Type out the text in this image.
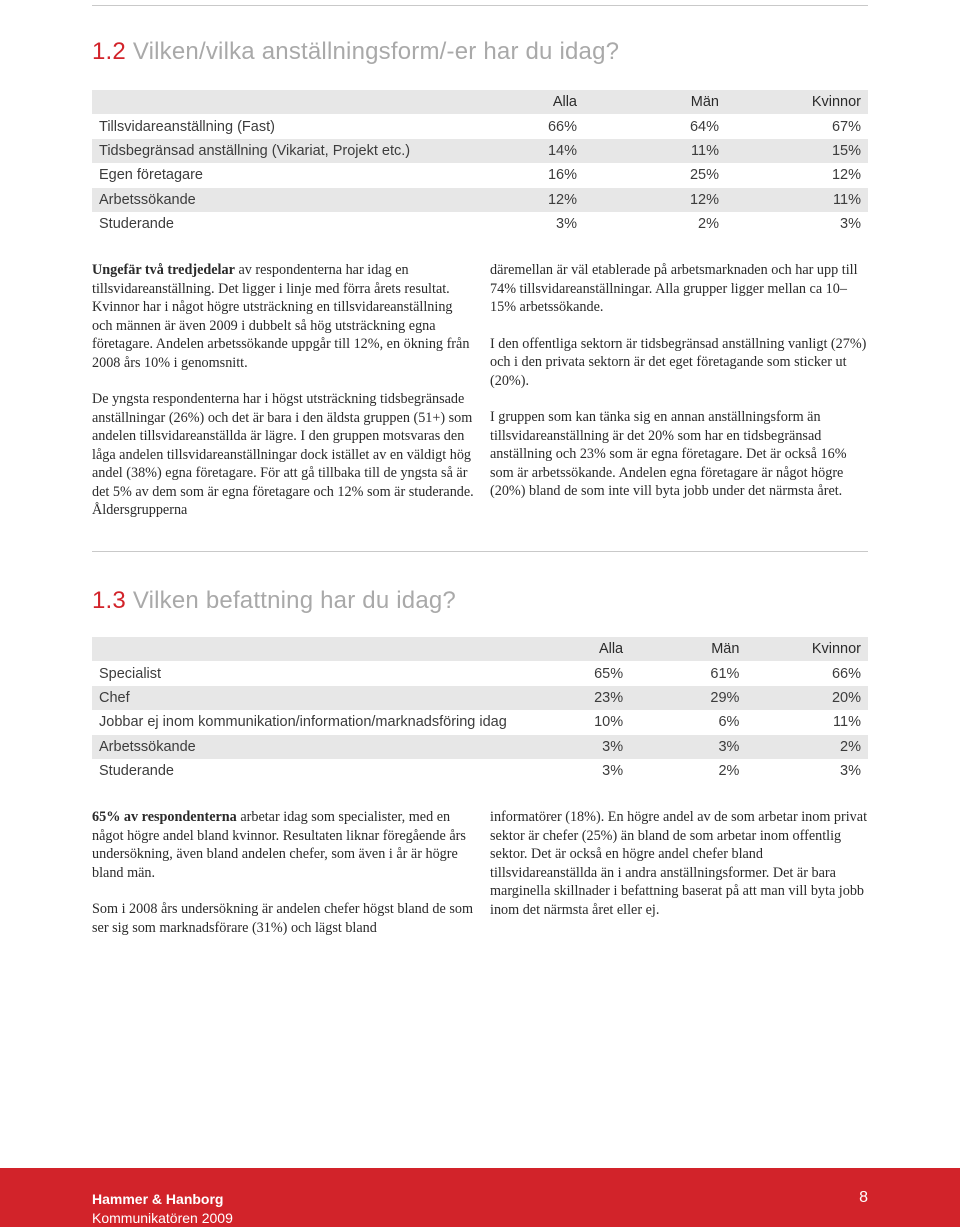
1.2 Vilken/vilka anställningsform/-er har du idag?
	Alla	Män	Kvinnor
Tillsvidareanställning (Fast)	66%	64%	67%
Tidsbegränsad anställning (Vikariat, Projekt etc.)	14%	11%	15%
Egen företagare	16%	25%	12%
Arbetssökande	12%	12%	11%
Studerande	3%	2%	3%

Ungefär två tredjedelar av respondenterna har idag en tillsvidareanställning. Det ligger i linje med förra årets resultat. Kvinnor har i något högre utsträckning en tillsvidareanställning och männen är även 2009 i dubbelt så hög utsträckning egna företagare. Andelen arbetssökande uppgår till 12%, en ökning från 2008 års 10% i genomsnitt.

De yngsta respondenterna har i högst utsträckning tidsbegränsade anställningar (26%) och det är bara i den äldsta gruppen (51+) som andelen tillsvidareanställda är lägre. I den gruppen motsvaras den låga andelen tillsvidareanställningar dock istället av en väldigt hög andel (38%) egna företagare. För att gå tillbaka till de yngsta så är det 5% av dem som är egna företagare och 12% som är studerande. Åldersgrupperna

däremellan är väl etablerade på arbetsmarknaden och har upp till 74% tillsvidareanställningar. Alla grupper ligger mellan ca 10–15% arbetssökande.

I den offentliga sektorn är tidsbegränsad anställning vanligt (27%) och i den privata sektorn är det eget företagande som sticker ut (20%).

I gruppen som kan tänka sig en annan anställningsform än tillsvidareanställning är det 20% som har en tidsbegränsad anställning och 23% som är egna företagare. Det är också 16% som är arbetssökande. Andelen egna företagare är något högre (20%) bland de som inte vill byta jobb under det närmsta året.

1.3 Vilken befattning har du idag?
	Alla	Män	Kvinnor
Specialist	65%	61%	66%
Chef	23%	29%	20%
Jobbar ej inom kommunikation/information/marknadsföring idag	10%	6%	11%
Arbetssökande	3%	3%	2%
Studerande	3%	2%	3%

65% av respondenterna arbetar idag som specialister, med en något högre andel bland kvinnor. Resultaten liknar föregående års undersökning, även bland andelen chefer, som även i år är högre bland män.

Som i 2008 års undersökning är andelen chefer högst bland de som ser sig som marknadsförare (31%) och lägst bland

informatörer (18%). En högre andel av de som arbetar inom privat sektor är chefer (25%) än bland de som arbetar inom offentlig sektor. Det är också en högre andel chefer bland tillsvidareanställda än i andra anställningsformer. Det är bara marginella skillnader i befattning baserat på att man vill byta jobb inom det närmsta året eller ej.

Hammer & Hanborg
Kommunikatören 2009
8
